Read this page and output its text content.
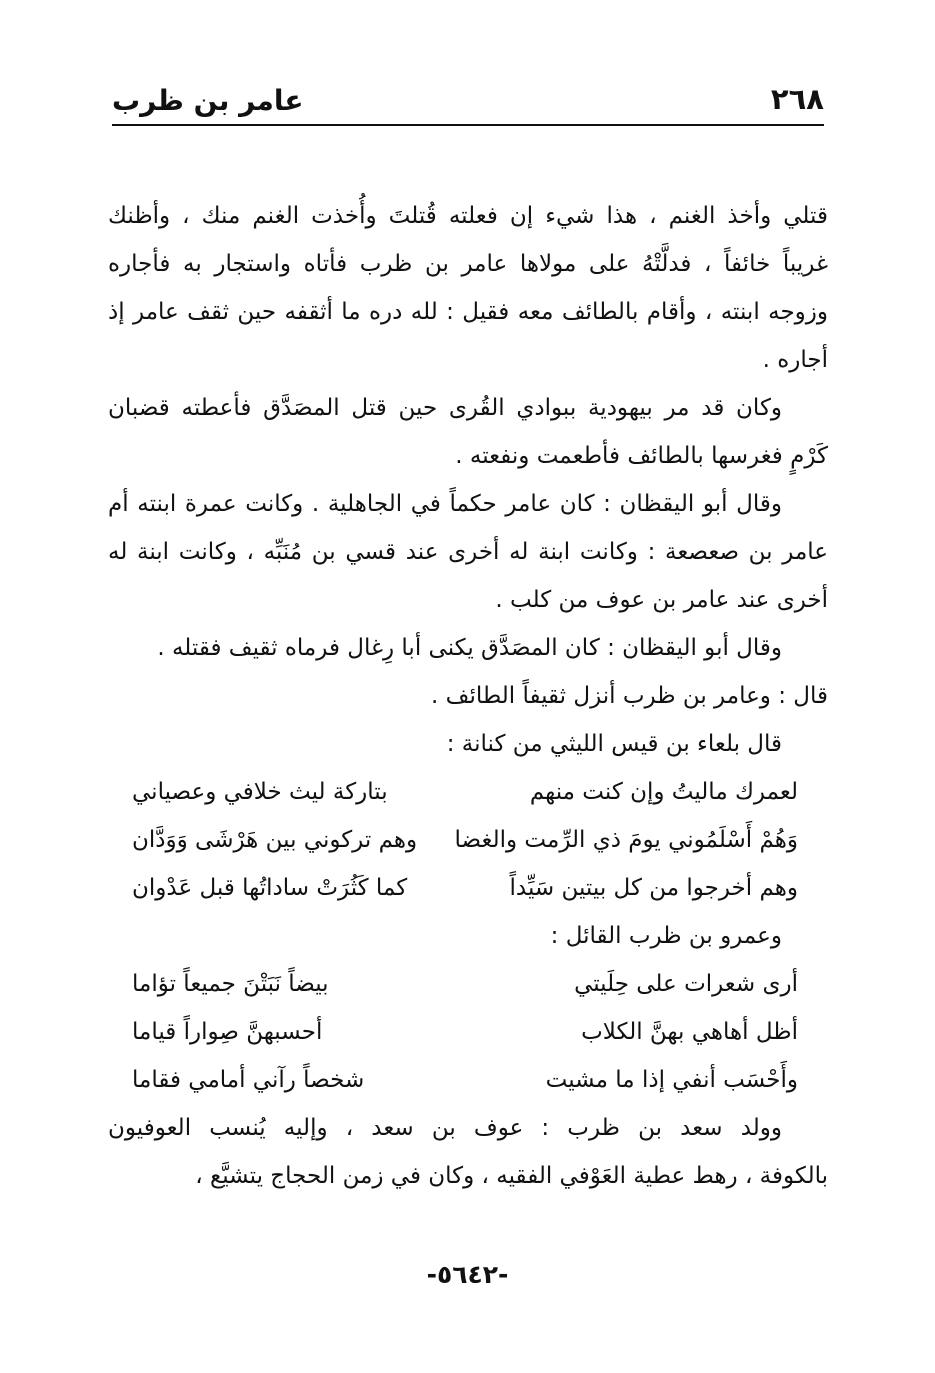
٢٦٨
عامر بن ظرب
قتلي وأخذ الغنم ، هذا شيء إن فعلته قُتلتَ وأُخذت الغنم منك ، وأظنك
غريباً خائفاً ، فدلَّتْهُ على مولاها عامر بن ظرب فأتاه واستجار به فأجاره
وزوجه ابنته ، وأقام بالطائف معه فقيل : لله دره ما أثقفه حين ثقف عامر إذ
أجاره .
وكان قد مر بيهودية ببوادي القُرى حين قتل المصَدَّق فأعطته قضبان
كَرْمٍ فغرسها بالطائف فأطعمت ونفعته .
وقال أبو اليقظان : كان عامر حكماً في الجاهلية . وكانت عمرة ابنته أم
عامر بن صعصعة : وكانت ابنة له أخرى عند قسي بن مُنَبِّه ، وكانت ابنة له
أخرى عند عامر بن عوف من كلب .
وقال أبو اليقظان : كان المصَدَّق يكنى أبا رِغال فرماه ثقيف فقتله .
قال : وعامر بن ظرب أنزل ثقيفاً الطائف .
قال بلعاء بن قيس الليثي من كنانة :
لعمرك ماليتُ وإن كنت منهم
بتاركة ليث خلافي وعصياني
وَهُمْ أَسْلَمُوني يومَ ذي الرِّمت والغضا
وهم تركوني بين هَرْشَى وَوَدَّان
وهم أخرجوا من كل بيتين سَيِّداً
كما كَثُرَتْ ساداتُها قبل عَدْوان
وعمرو بن ظرب القائل :
أرى شعرات على حِلَيتي
بيضاً نَبَتْنَ جميعاً تؤاما
أظل أهاهي بهنَّ الكلاب
أحسبهنَّ صِواراً قياما
وأَحْسَب أنفي إذا ما مشيت
شخصاً رآني أمامي فقاما
وولد سعد بن ظرب : عوف بن سعد ، وإليه يُنسب العوفيون
بالكوفة ، رهط عطية العَوْفي الفقيه ، وكان في زمن الحجاج يتشيَّع ،
-٥٦٤٢-
